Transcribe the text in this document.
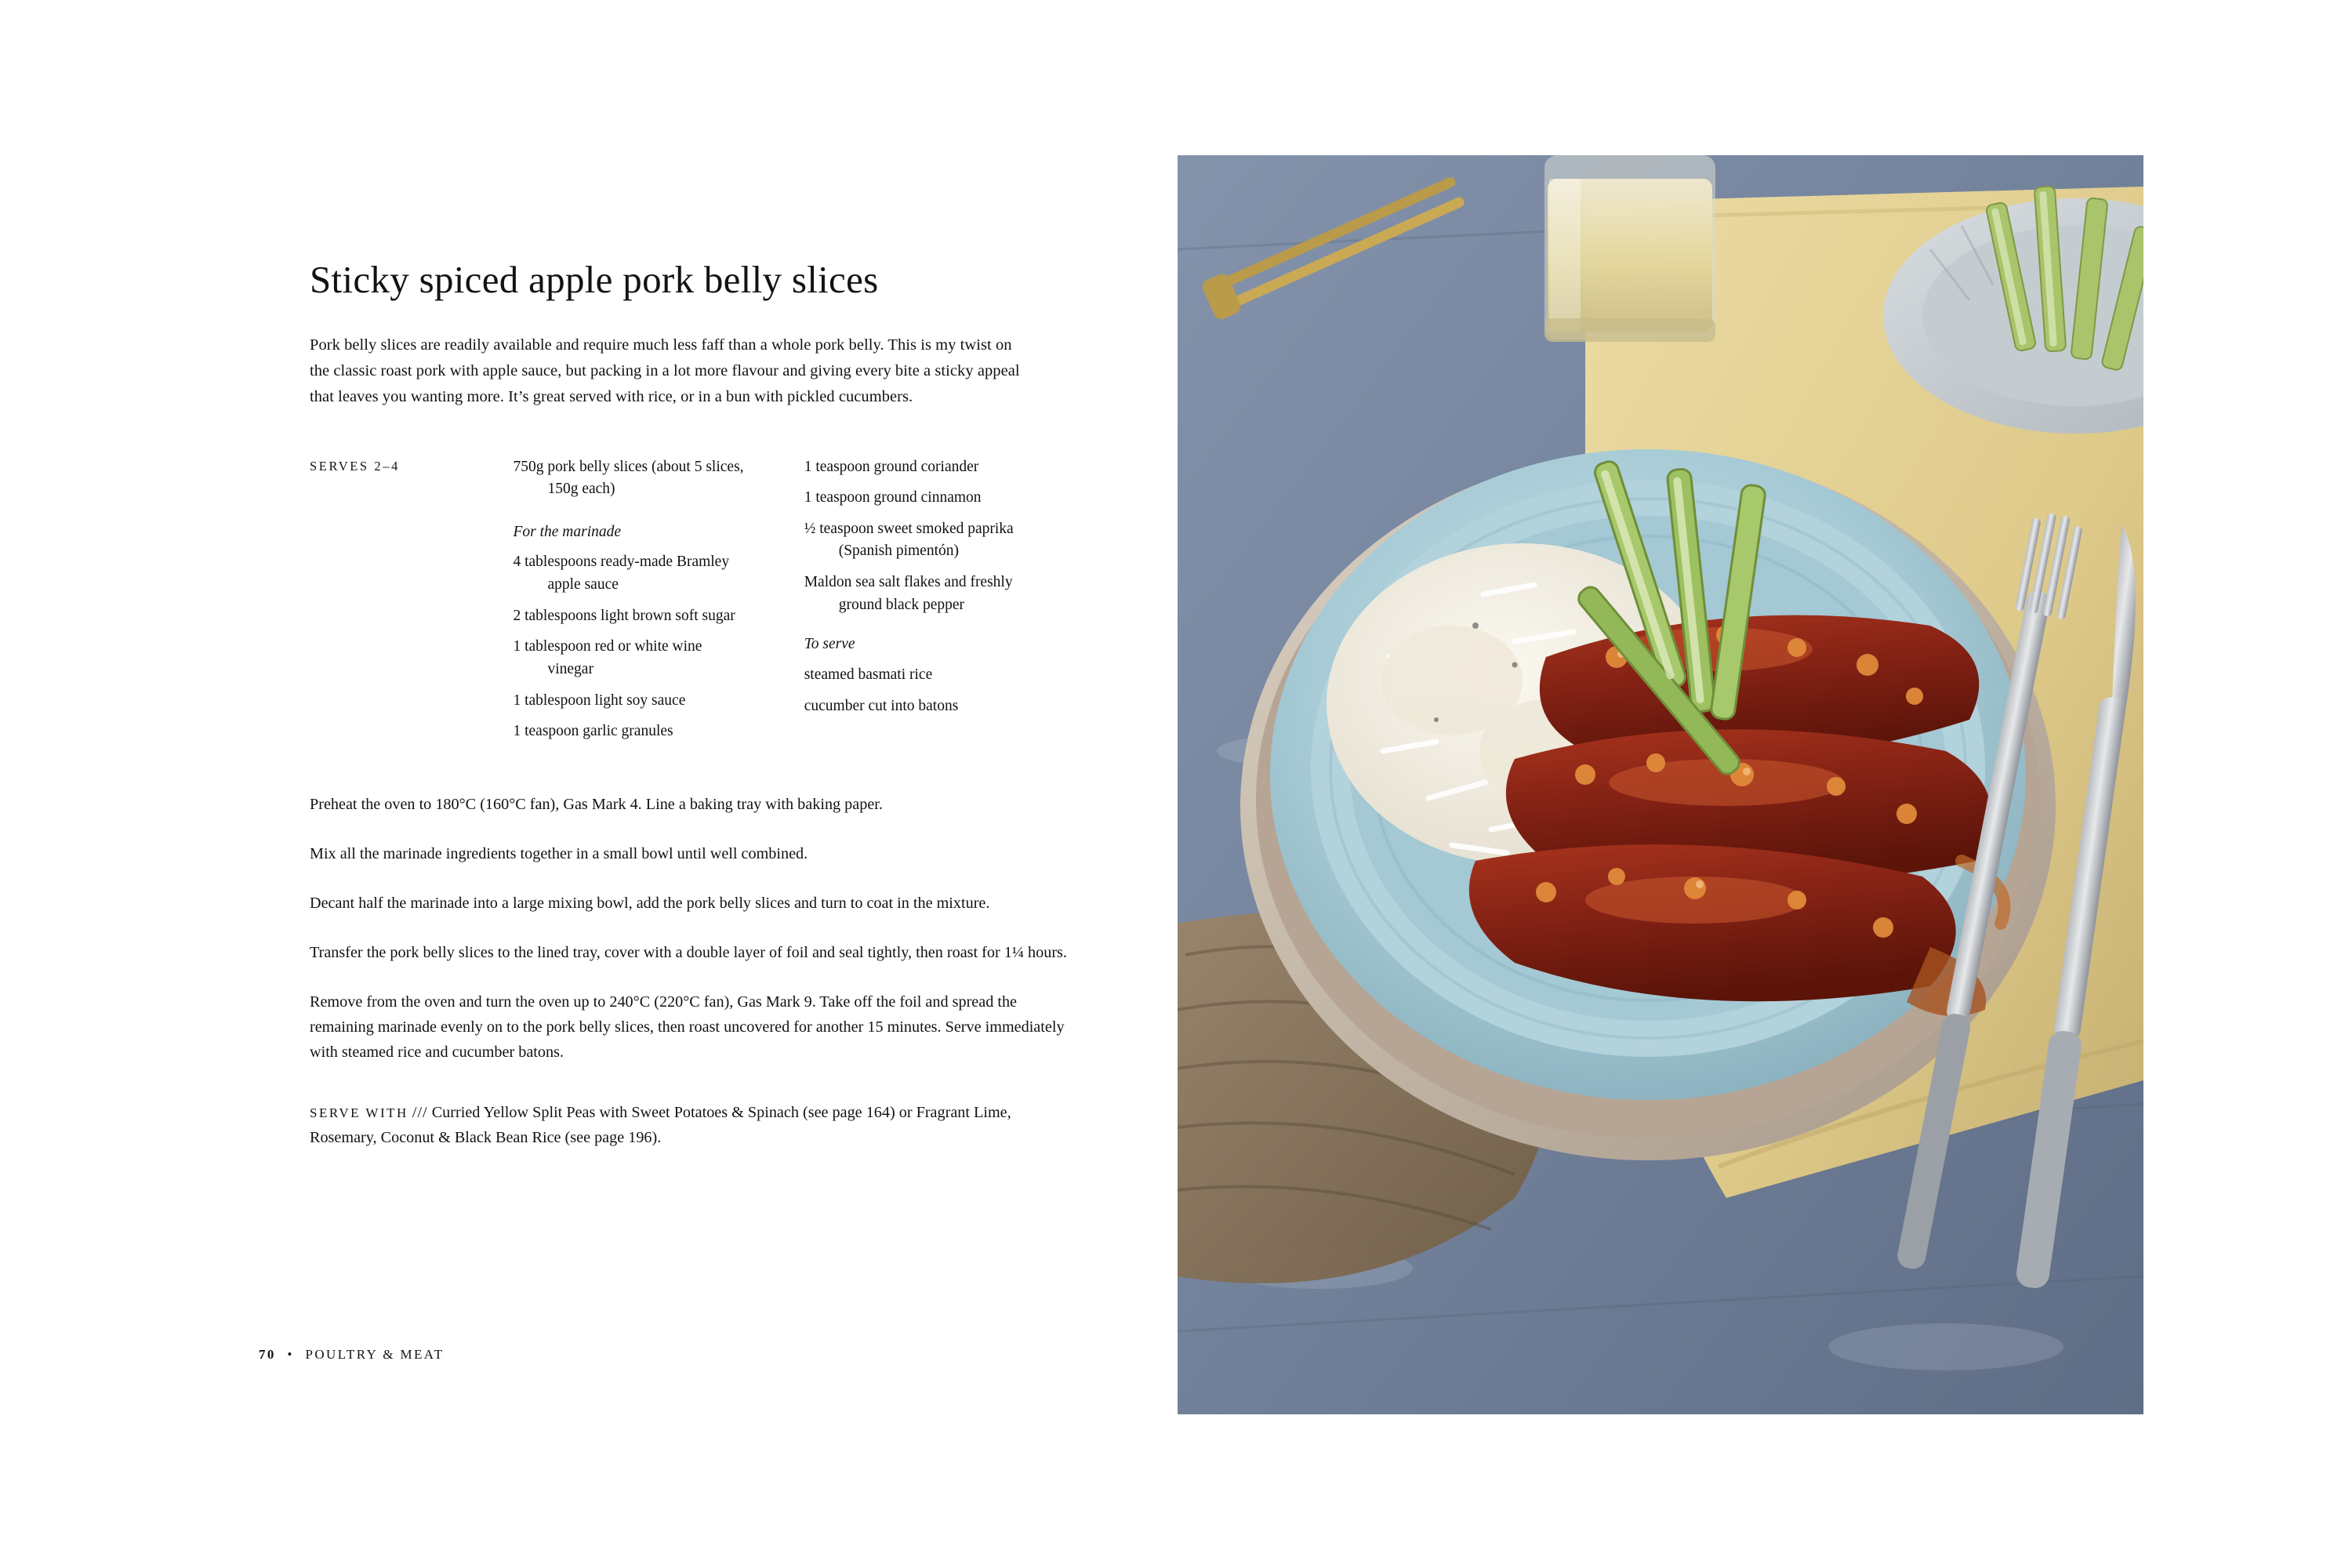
Sticky spiced apple pork belly slices

Pork belly slices are readily available and require much less faff than a whole pork belly. This is my twist on the classic roast pork with apple sauce, but packing in a lot more flavour and giving every bite a sticky appeal that leaves you wanting more. It’s great served with rice, or in a bun with pickled cucumbers.

SERVES 2–4	750g pork belly slices (about 5 slices,
150g each)
For the marinade
4 tablespoons ready-made Bramley
apple sauce
2 tablespoons light brown soft sugar
1 tablespoon red or white wine
vinegar
1 tablespoon light soy sauce
1 teaspoon garlic granules
1 teaspoon ground coriander
1 teaspoon ground cinnamon
½ teaspoon sweet smoked paprika
(Spanish pimentón)
Maldon sea salt flakes and freshly
ground black pepper
To serve
steamed basmati rice
cucumber cut into batons

Preheat the oven to 180°C (160°C fan), Gas Mark 4. Line a baking tray with baking paper.

Mix all the marinade ingredients together in a small bowl until well combined.

Decant half the marinade into a large mixing bowl, add the pork belly slices and turn to coat in the mixture.

Transfer the pork belly slices to the lined tray, cover with a double layer of foil and seal tightly, then roast for 1¼ hours.

Remove from the oven and turn the oven up to 240°C (220°C fan), Gas Mark 9. Take off the foil and spread the remaining marinade evenly on to the pork belly slices, then roast uncovered for another 15 minutes. Serve immediately with steamed rice and cucumber batons.

SERVE WITH /// Curried Yellow Split Peas with Sweet Potatoes & Spinach (see page 164) or Fragrant Lime, Rosemary, Coconut & Black Bean Rice (see page 196).
70 • POULTRY & MEAT
